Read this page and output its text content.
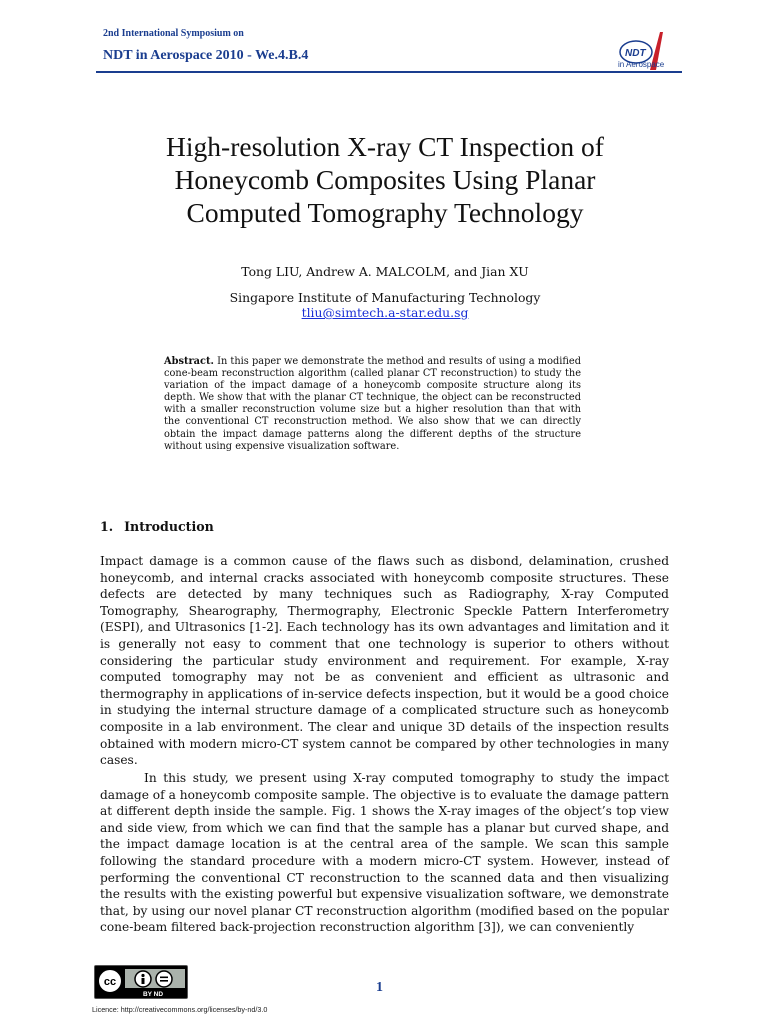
2nd International Symposium on
NDT in Aerospace 2010 - We.4.B.4	NDT
in Aerospace
High-resolution X-ray CT Inspection of
Honeycomb Composites Using Planar
Computed Tomography Technology
Tong LIU, Andrew A. MALCOLM, and Jian XU
Singapore Institute of Manufacturing Technology
tliu@simtech.a-star.edu.sg

Abstract. In this paper we demonstrate the method and results of using a modified cone-beam reconstruction algorithm (called planar CT reconstruction) to study the variation of the impact damage of a honeycomb composite structure along its depth. We show that with the planar CT technique, the object can be reconstructed with a smaller reconstruction volume size but a higher resolution than that with the conventional CT reconstruction method. We also show that we can directly obtain the impact damage patterns along the different depths of the structure without using expensive visualization software.

1. Introduction

Impact damage is a common cause of the flaws such as disbond, delamination, crushed honeycomb, and internal cracks associated with honeycomb composite structures. These defects are detected by many techniques such as Radiography, X-ray Computed Tomography, Shearography, Thermography, Electronic Speckle Pattern Interferometry (ESPI), and Ultrasonics [1-2]. Each technology has its own advantages and limitation and it is generally not easy to comment that one technology is superior to others without considering the particular study environment and requirement. For example, X-ray computed tomography may not be as convenient and efficient as ultrasonic and thermography in applications of in-service defects inspection, but it would be a good choice in studying the internal structure damage of a complicated structure such as honeycomb composite in a lab environment. The clear and unique 3D details of the inspection results obtained with modern micro-CT system cannot be compared by other technologies in many cases.

In this study, we present using X-ray computed tomography to study the impact damage of a honeycomb composite sample. The objective is to evaluate the damage pattern at different depth inside the sample. Fig. 1 shows the X-ray images of the object’s top view and side view, from which we can find that the sample has a planar but curved shape, and the impact damage location is at the central area of the sample. We scan this sample following the standard procedure with a modern micro-CT system. However, instead of performing the conventional CT reconstruction to the scanned data and then visualizing the results with the existing powerful but expensive visualization software, we demonstrate that, by using our novel planar CT reconstruction algorithm (modified based on the popular cone-beam filtered back-projection reconstruction algorithm [3]), we can conveniently

cc
BY ND
Licence: http://creativecommons.org/licenses/by-nd/3.0
1
